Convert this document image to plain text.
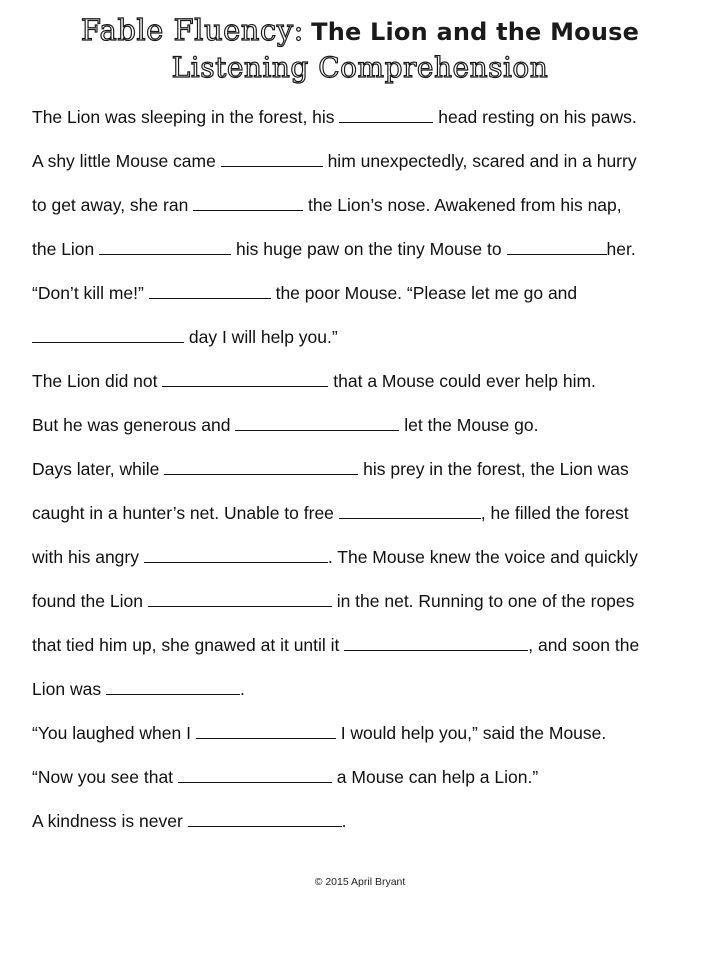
Fable Fluency: The Lion and the Mouse
Listening Comprehension
The Lion was sleeping in the forest, his	head resting on his paws.
A shy little Mouse came	him unexpectedly, scared and in a hurry
to get away, she ran	the Lion’s nose. Awakened from his nap,
the Lion	his huge paw on the tiny Mouse to	her.
“Don’t kill me!”	the poor Mouse. “Please let me go and
day I will help you.”
The Lion did not	that a Mouse could ever help him.
But he was generous and	let the Mouse go.
Days later, while	his prey in the forest, the Lion was
caught in a hunter’s net. Unable to free	, he filled the forest
with his angry	. The Mouse knew the voice and quickly
found the Lion	in the net. Running to one of the ropes
that tied him up, she gnawed at it until it	, and soon the
Lion was	.
“You laughed when I	I would help you,” said the Mouse.
“Now you see that	a Mouse can help a Lion.”
A kindness is never	.
© 2015 April Bryant
